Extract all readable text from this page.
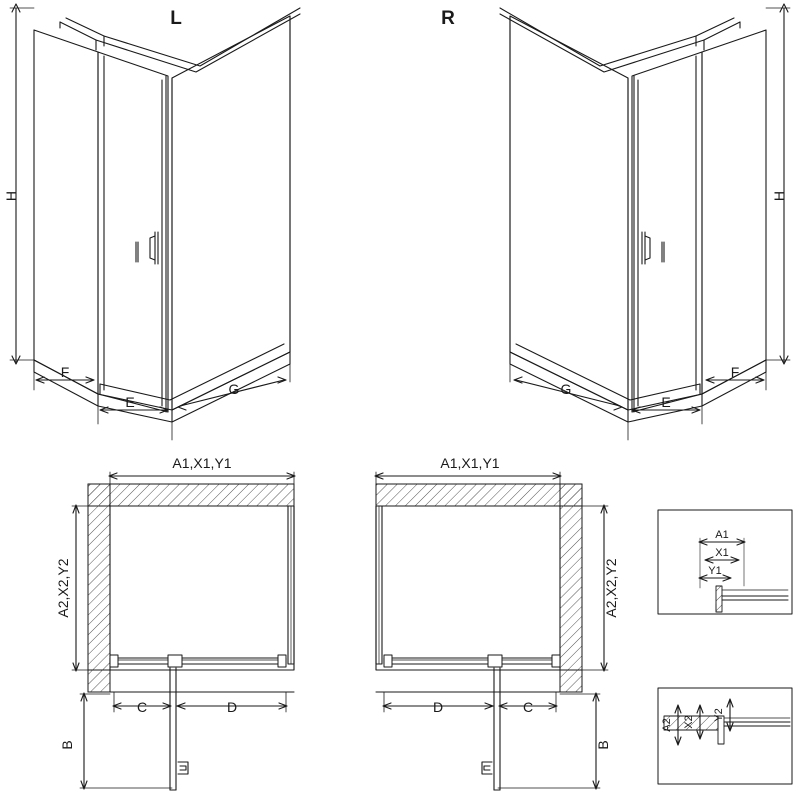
L	R
H	H
F
E
G	G
E
F
A1,X1,Y1
A2,X2,Y2
C	D
B
A1,X1,Y1
A2,X2,Y2
D	C
B
A1
X1
Y1
A2 X2
Y2
